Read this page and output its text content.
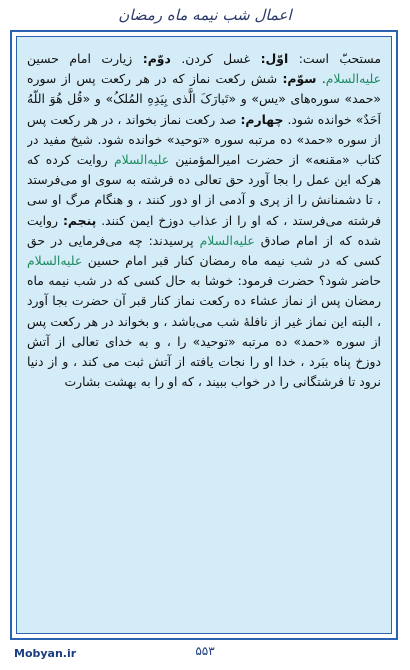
اعمال شب نیمه ماه رمضان
مستحبّ است: اوّل: غسل کردن. دوّم: زیارت امام حسین عليه‌السلام. سوّم: شش رکعت نماز که در هر رکعت پس از سوره «حمد» سوره‌های «یس» و «تَبارَکَ الَّذی بِیَدِهِ المُلکُ» و «قُل هُوَ اللّهُ اَحَدٌ» خوانده شود. چهارم: صد رکعت نماز بخواند ، در هر رکعت پس از سوره «حمد» ده مرتبه سوره «توحید» خوانده شود. شیخ مفید در کتاب «مقنعه» از حضرت امیرالمؤمنین عليه‌السلام روایت کرده که هرکه این عمل را بجا آورد حق تعالی ده فرشته به سوی او می‌فرستد ، تا دشمنانش را از پری و آدمی از او دور کنند ، و هنگام مرگ او سی فرشته می‌فرستد ، که او را از عذاب دوزخ ایمن کنند. پنجم: روایت شده که از امام صادق عليه‌السلام پرسیدند: چه می‌فرمایی در حق کسی که در شب نیمه ماه رمضان کنار قبر امام حسین عليه‌السلام حاضر شود؟ حضرت فرمود: خوشا به حال کسی که در شب نیمه ماه رمضان پس از نماز عشاء ده رکعت نماز کنار قبر آن حضرت بجا آورد ، البته این نماز غیر از نافلهٔ شب می‌باشد ، و بخواند در هر رکعت پس از سوره «حمد» ده مرتبه «توحید» را ، و به خدای تعالی از آتش دوزخ پناه ببَرد ، خدا او را نجات یافته از آتش ثبت می کند ، و از دنیا نرود تا فرشتگانی را در خواب ببیند ، که او را به بهشت بشارت
Mobyan.ir	۵۵۳
